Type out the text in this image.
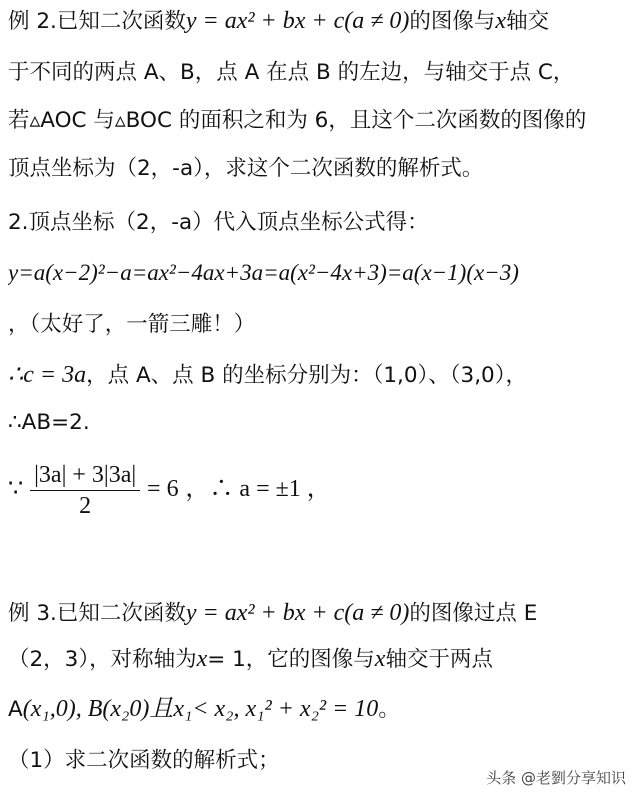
例 2.已知二次函数y = ax² + bx + c(a ≠ 0)的图像与x轴交
于不同的两点 A、B，点 A 在点 B 的左边，与轴交于点 C，
若▵AOC 与▵BOC 的面积之和为 6，且这个二次函数的图像的
顶点坐标为（2，-a），求这个二次函数的解析式。
2.顶点坐标（2，-a）代入顶点坐标公式得：
y=a(x−2)²−a=ax²−4ax+3a=a(x²−4x+3)=a(x−1)(x−3)
，（太好了，一箭三雕！）
∴c = 3a，点 A、点 B 的坐标分别为：（1,0）、（3,0），
∴AB=2.
∵ $\frac{|3a| + 3|3a|}{2} = 6$ ，∴ a = ±1 ，
例 3.已知二次函数y = ax² + bx + c(a ≠ 0)的图像过点 E
（2，3），对称轴为x= 1，它的图像与x轴交于两点
A(x₁,0), B(x₂0)且x₁< x₂, x₁² + x₂² = 10。
（1）求二次函数的解析式；
头条 @老劉分享知识
